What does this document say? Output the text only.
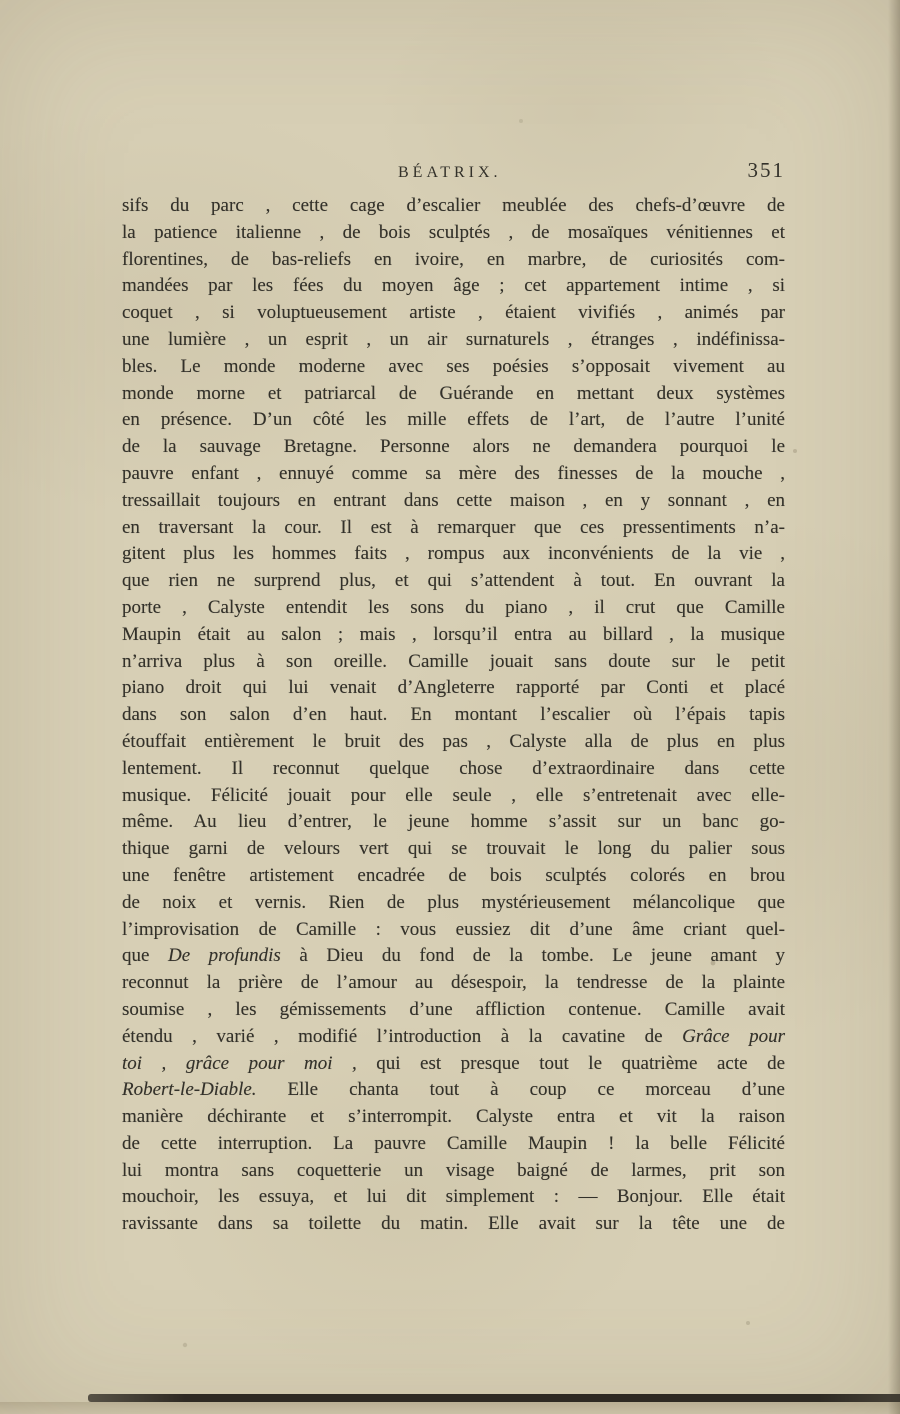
BÉATRIX.	351
sifs du parc , cette cage d’escalier meublée des chefs-d’œuvre de
la patience italienne , de bois sculptés , de mosaïques vénitiennes et
florentines, de bas-reliefs en ivoire, en marbre, de curiosités com-
mandées par les fées du moyen âge ; cet appartement intime , si
coquet , si voluptueusement artiste , étaient vivifiés , animés par
une lumière , un esprit , un air surnaturels , étranges , indéfinissa-
bles. Le monde moderne avec ses poésies s’opposait vivement au
monde morne et patriarcal de Guérande en mettant deux systèmes
en présence. D’un côté les mille effets de l’art, de l’autre l’unité
de la sauvage Bretagne. Personne alors ne demandera pourquoi le
pauvre enfant , ennuyé comme sa mère des finesses de la mouche ,
tressaillait toujours en entrant dans cette maison , en y sonnant , en
en traversant la cour. Il est à remarquer que ces pressentiments n’a-
gitent plus les hommes faits , rompus aux inconvénients de la vie ,
que rien ne surprend plus, et qui s’attendent à tout. En ouvrant la
porte , Calyste entendit les sons du piano , il crut que Camille
Maupin était au salon ; mais , lorsqu’il entra au billard , la musique
n’arriva plus à son oreille. Camille jouait sans doute sur le petit
piano droit qui lui venait d’Angleterre rapporté par Conti et placé
dans son salon d’en haut. En montant l’escalier où l’épais tapis
étouffait entièrement le bruit des pas , Calyste alla de plus en plus
lentement. Il reconnut quelque chose d’extraordinaire dans cette
musique. Félicité jouait pour elle seule , elle s’entretenait avec elle-
même. Au lieu d’entrer, le jeune homme s’assit sur un banc go-
thique garni de velours vert qui se trouvait le long du palier sous
une fenêtre artistement encadrée de bois sculptés colorés en brou
de noix et vernis. Rien de plus mystérieusement mélancolique que
l’improvisation de Camille : vous eussiez dit d’une âme criant quel-
que De profundis à Dieu du fond de la tombe. Le jeune amant y
reconnut la prière de l’amour au désespoir, la tendresse de la plainte
soumise , les gémissements d’une affliction contenue. Camille avait
étendu , varié , modifié l’introduction à la cavatine de Grâce pour
toi , grâce pour moi , qui est presque tout le quatrième acte de
Robert-le-Diable. Elle chanta tout à coup ce morceau d’une
manière déchirante et s’interrompit. Calyste entra et vit la raison
de cette interruption. La pauvre Camille Maupin ! la belle Félicité
lui montra sans coquetterie un visage baigné de larmes, prit son
mouchoir, les essuya, et lui dit simplement : — Bonjour. Elle était
ravissante dans sa toilette du matin. Elle avait sur la tête une de
